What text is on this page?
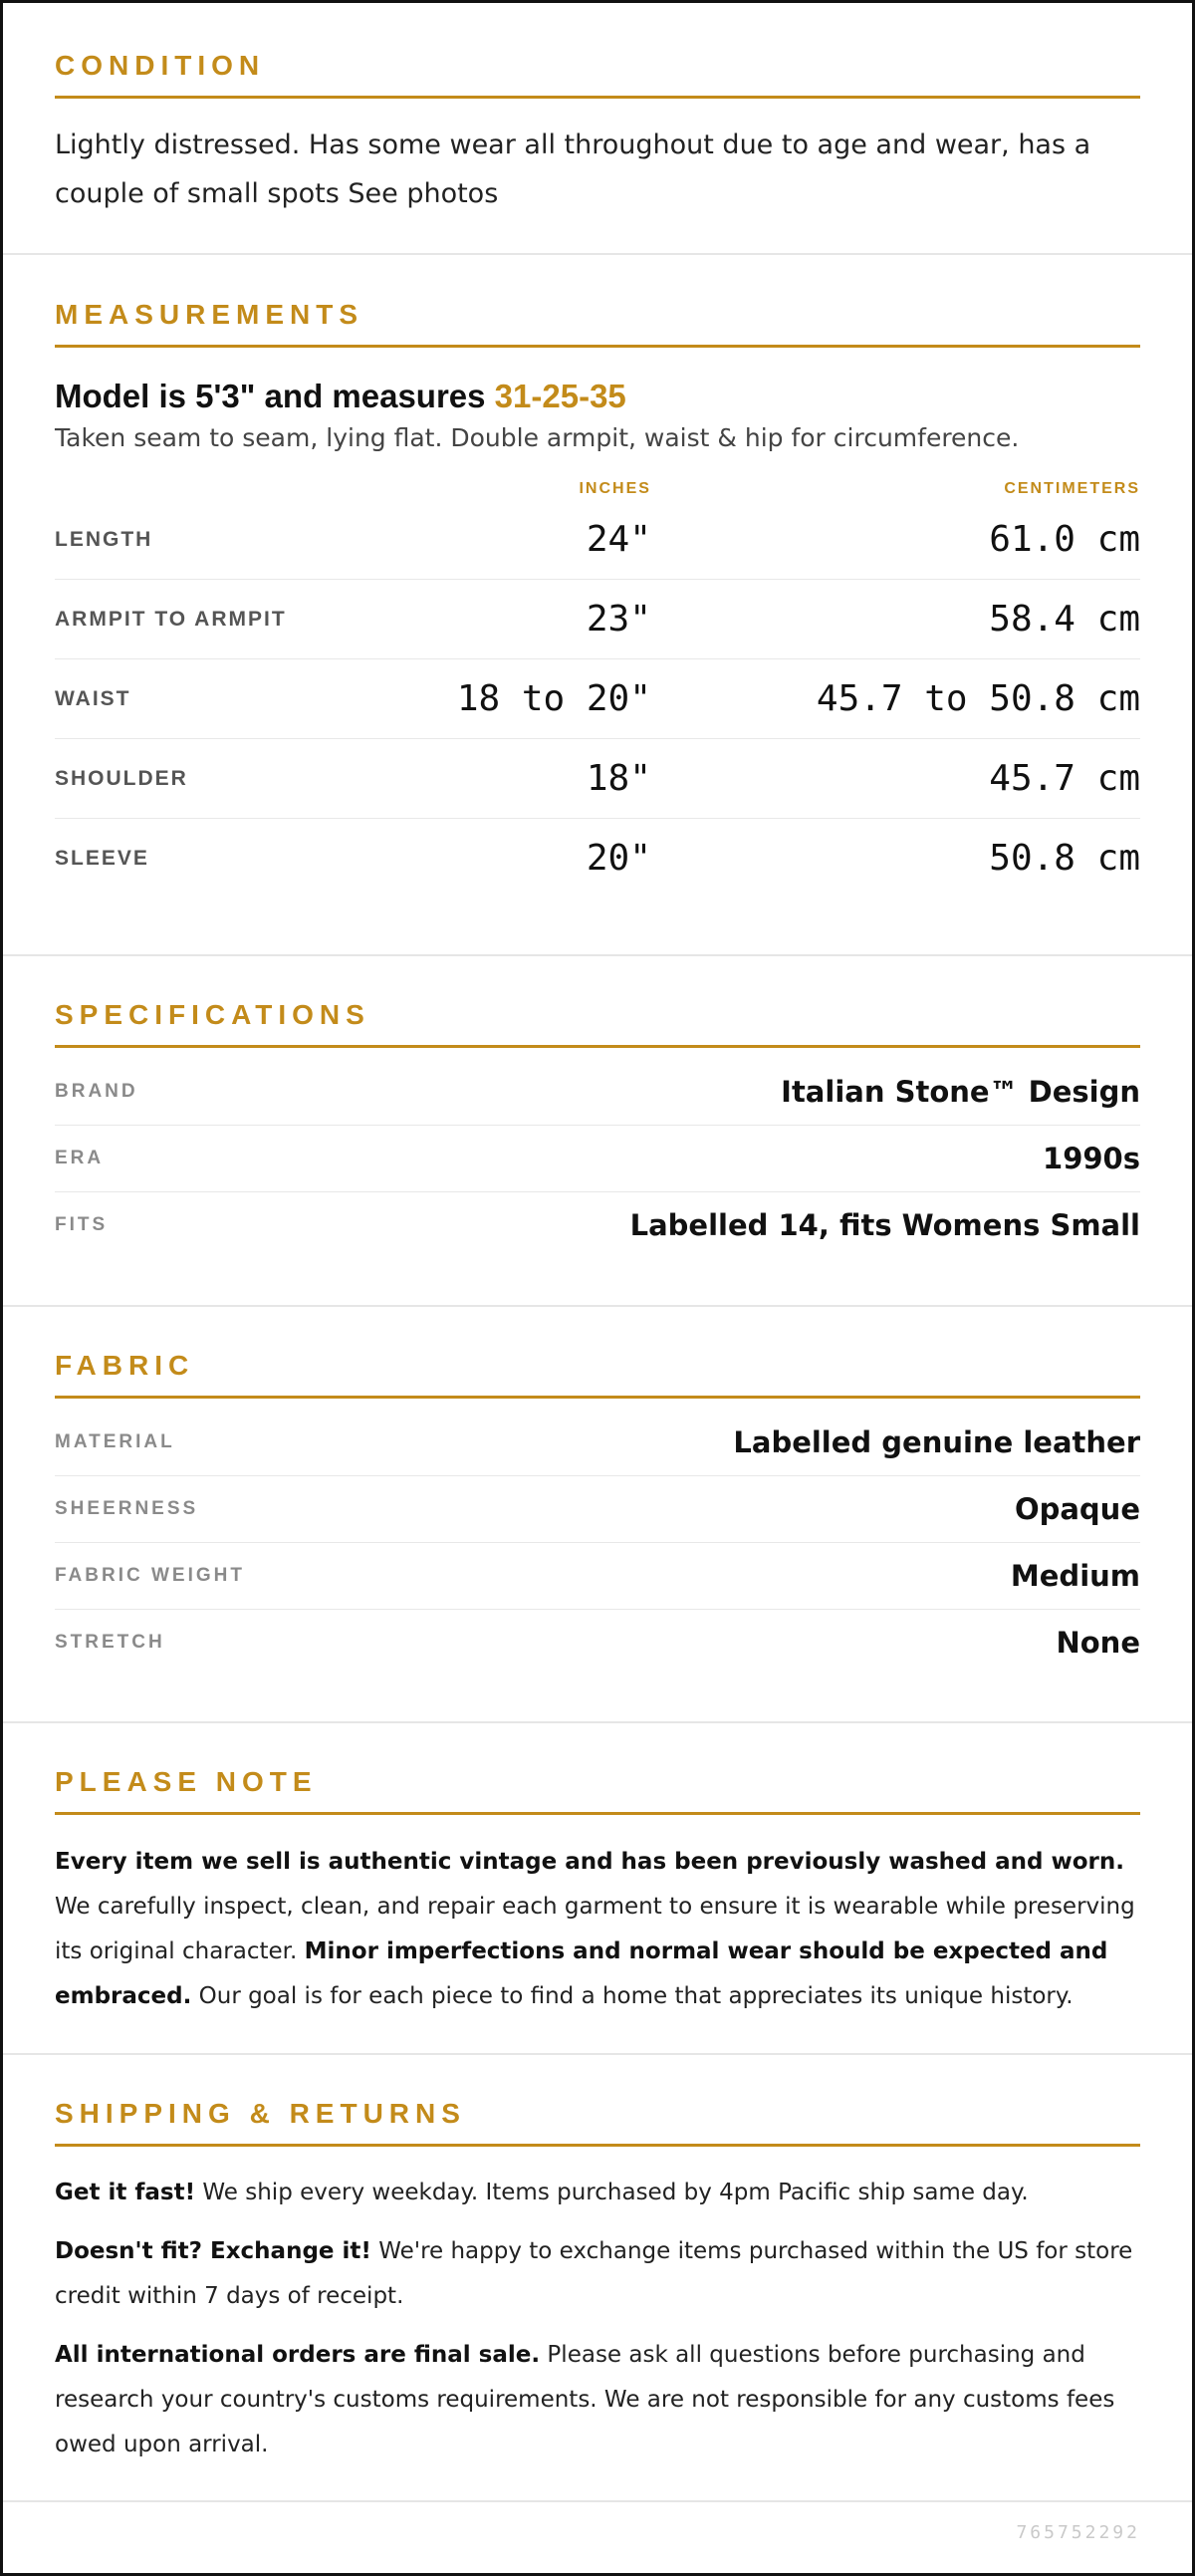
CONDITION
Lightly distressed. Has some wear all throughout due to age and wear, has a couple of small spots See photos
MEASUREMENTS
Model is 5'3" and measures 31-25-35
Taken seam to seam, lying flat. Double armpit, waist & hip for circumference.
INCHES	CENTIMETERS
LENGTH	24"	61.0 cm
ARMPIT TO ARMPIT	23"	58.4 cm
WAIST	18 to 20"	45.7 to 50.8 cm
SHOULDER	18"	45.7 cm
SLEEVE	20"	50.8 cm
SPECIFICATIONS
BRAND	Italian Stone™ Design
ERA	1990s
FITS	Labelled 14, fits Womens Small
FABRIC
MATERIAL	Labelled genuine leather
SHEERNESS	Opaque
FABRIC WEIGHT	Medium
STRETCH	None
PLEASE NOTE
Every item we sell is authentic vintage and has been previously washed and worn. We carefully inspect, clean, and repair each garment to ensure it is wearable while preserving its original character. Minor imperfections and normal wear should be expected and embraced. Our goal is for each piece to find a home that appreciates its unique history.
SHIPPING & RETURNS
Get it fast! We ship every weekday. Items purchased by 4pm Pacific ship same day.
Doesn't fit? Exchange it! We're happy to exchange items purchased within the US for store credit within 7 days of receipt.
All international orders are final sale. Please ask all questions before purchasing and research your country's customs requirements. We are not responsible for any customs fees owed upon arrival.
765752292
